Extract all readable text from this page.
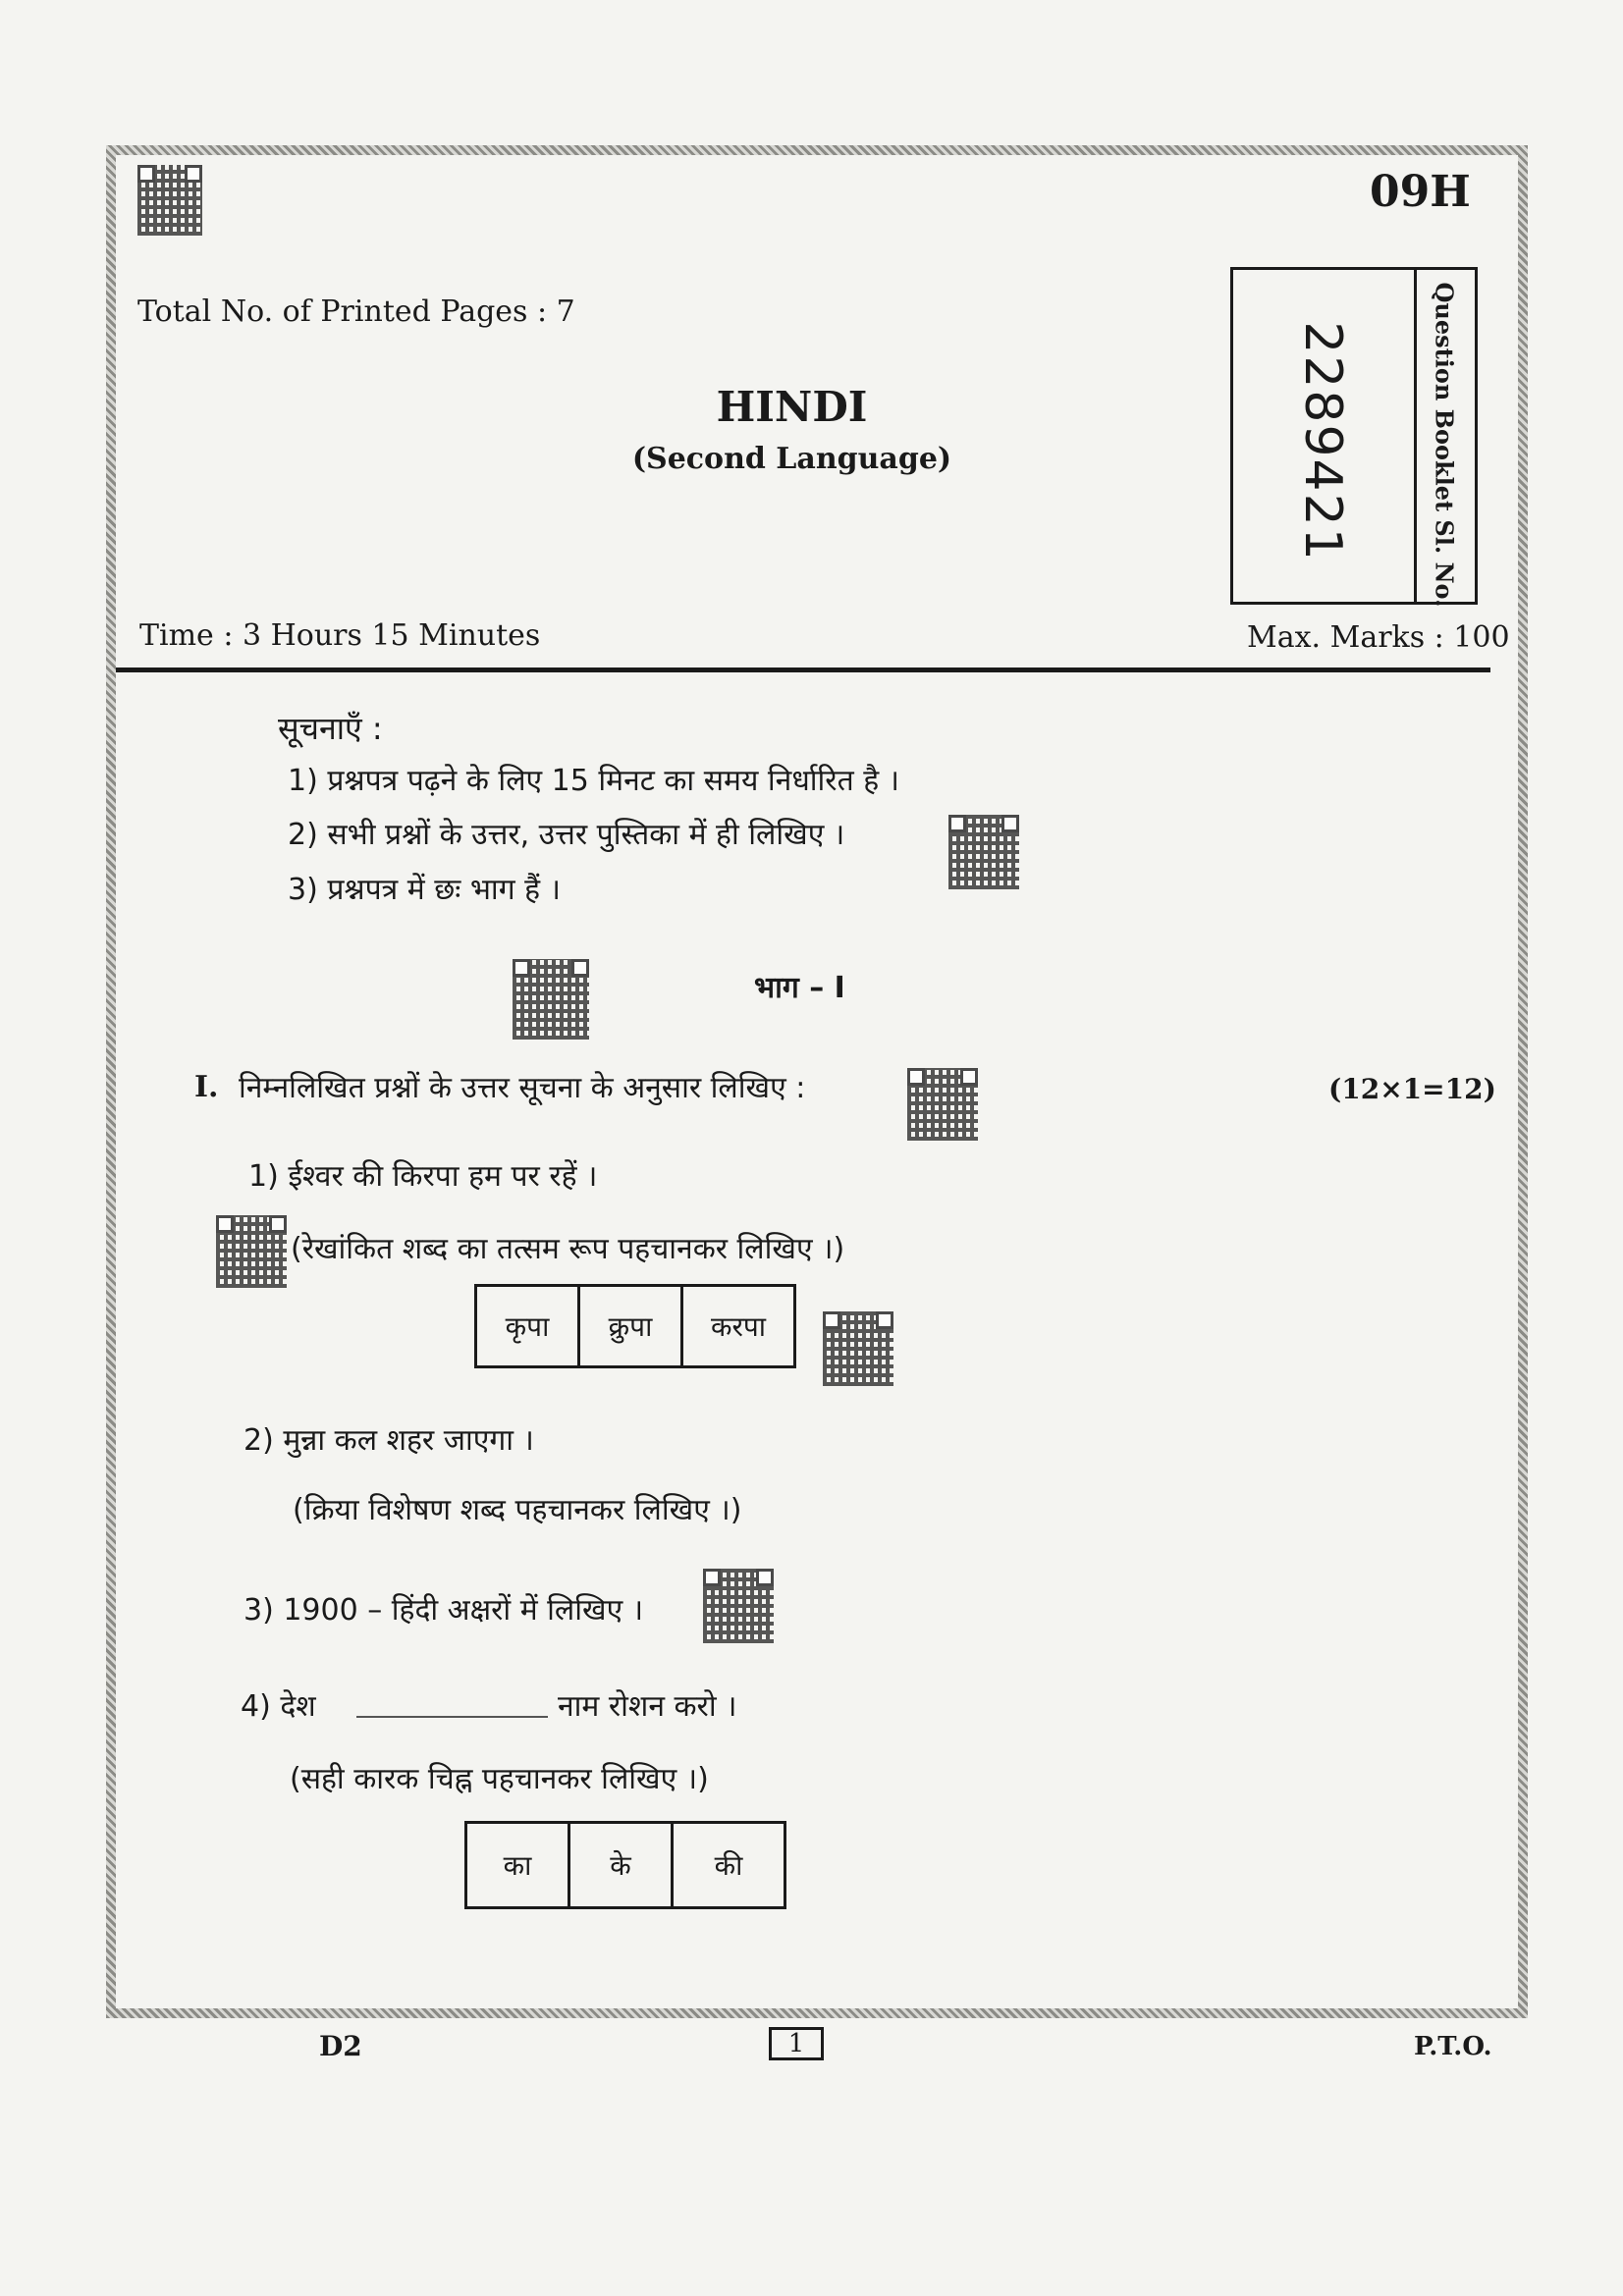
09H
Total No. of Printed Pages : 7
HINDI
(Second Language)	2289421	Question Booklet Sl. No.
Time : 3 Hours 15 Minutes	Max. Marks : 100
सूचनाएँ :
1) प्रश्नपत्र पढ़ने के लिए 15 मिनट का समय निर्धारित है ।
2) सभी प्रश्नों के उत्तर, उत्तर पुस्तिका में ही लिखिए ।
3) प्रश्नपत्र में छः भाग हैं ।
भाग – I
I. निम्नलिखित प्रश्नों के उत्तर सूचना के अनुसार लिखिए :	(12×1=12)
1) ईश्वर की किरपा हम पर रहें ।
(रेखांकित शब्द का तत्सम रूप पहचानकर लिखिए ।)
कृपा	क्रुपा	करपा
2) मुन्ना कल शहर जाएगा ।
(क्रिया विशेषण शब्द पहचानकर लिखिए ।)
3) 1900 – हिंदी अक्षरों में लिखिए ।
4) देश	नाम रोशन करो ।
(सही कारक चिह्न पहचानकर लिखिए ।)
का	के	की
D2	1	P.T.O.
